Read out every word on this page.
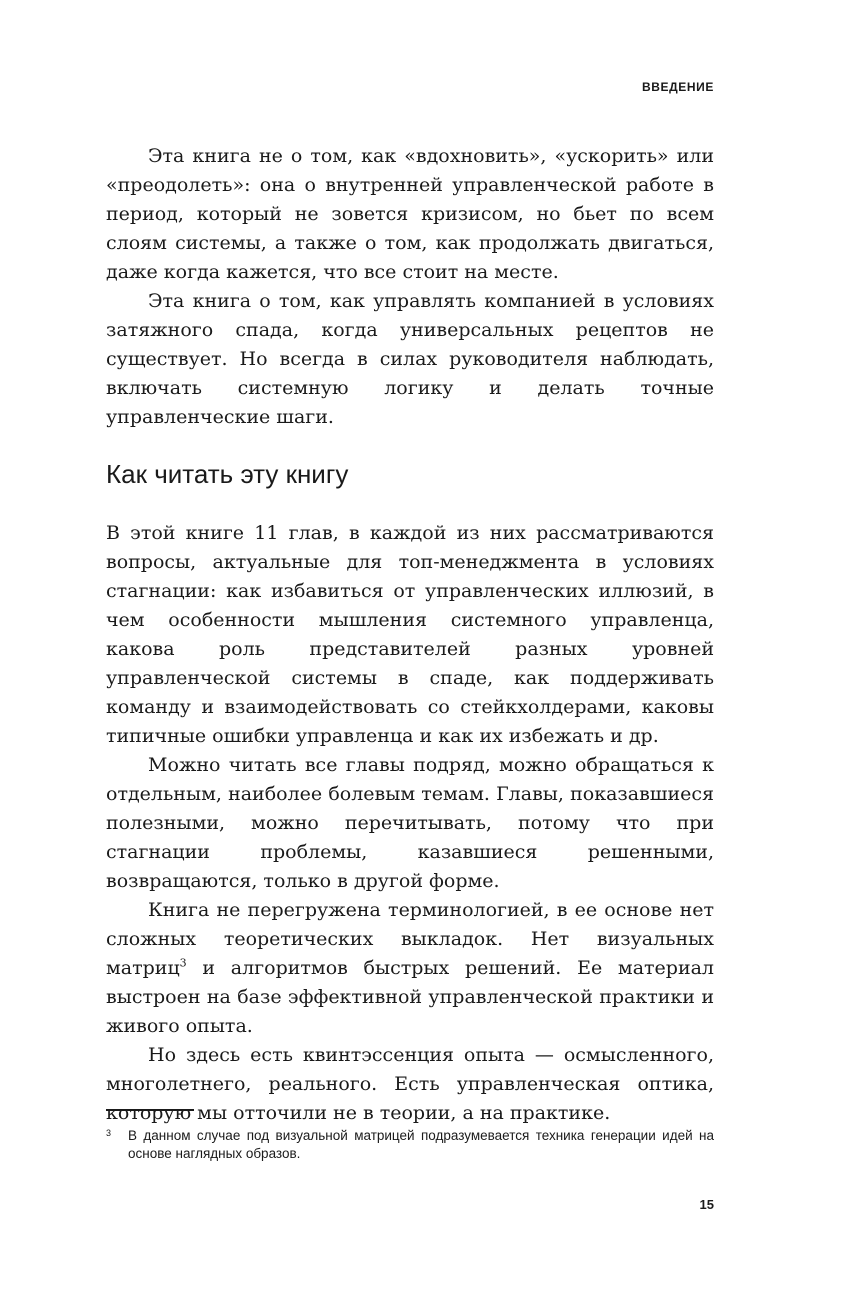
ВВЕДЕНИЕ

Эта книга не о том, как «вдохновить», «ускорить» или «преодолеть»: она о внутренней управленческой работе в период, который не зовется кризисом, но бьет по всем слоям системы, а также о том, как продолжать двигаться, даже когда кажется, что все стоит на месте.

Эта книга о том, как управлять компанией в условиях затяжного спада, когда универсальных рецептов не существует. Но всегда в силах руководителя наблюдать, включать системную логику и делать точные управленческие шаги.

Как читать эту книгу

В этой книге 11 глав, в каждой из них рассматриваются вопросы, актуальные для топ-менеджмента в условиях стагнации: как избавиться от управленческих иллюзий, в чем особенности мышления системного управленца, какова роль представителей разных уровней управленческой системы в спаде, как поддерживать команду и взаимодействовать со стейкхолдерами, каковы типичные ошибки управленца и как их избежать и др.

Можно читать все главы подряд, можно обращаться к отдельным, наиболее болевым темам. Главы, показавшиеся полезными, можно перечитывать, потому что при стагнации проблемы, казавшиеся решенными, возвращаются, только в другой форме.

Книга не перегружена терминологией, в ее основе нет сложных теоретических выкладок. Нет визуальных матриц$^3$ и алгоритмов быстрых решений. Ее материал выстроен на базе эффективной управленческой практики и живого опыта.

Но здесь есть квинтэссенция опыта — осмысленного, многолетнего, реального. Есть управленческая оптика, которую мы отточили не в теории, а на практике.

3 В данном случае под визуальной матрицей подразумевается техника генерации идей на основе наглядных образов.
15
